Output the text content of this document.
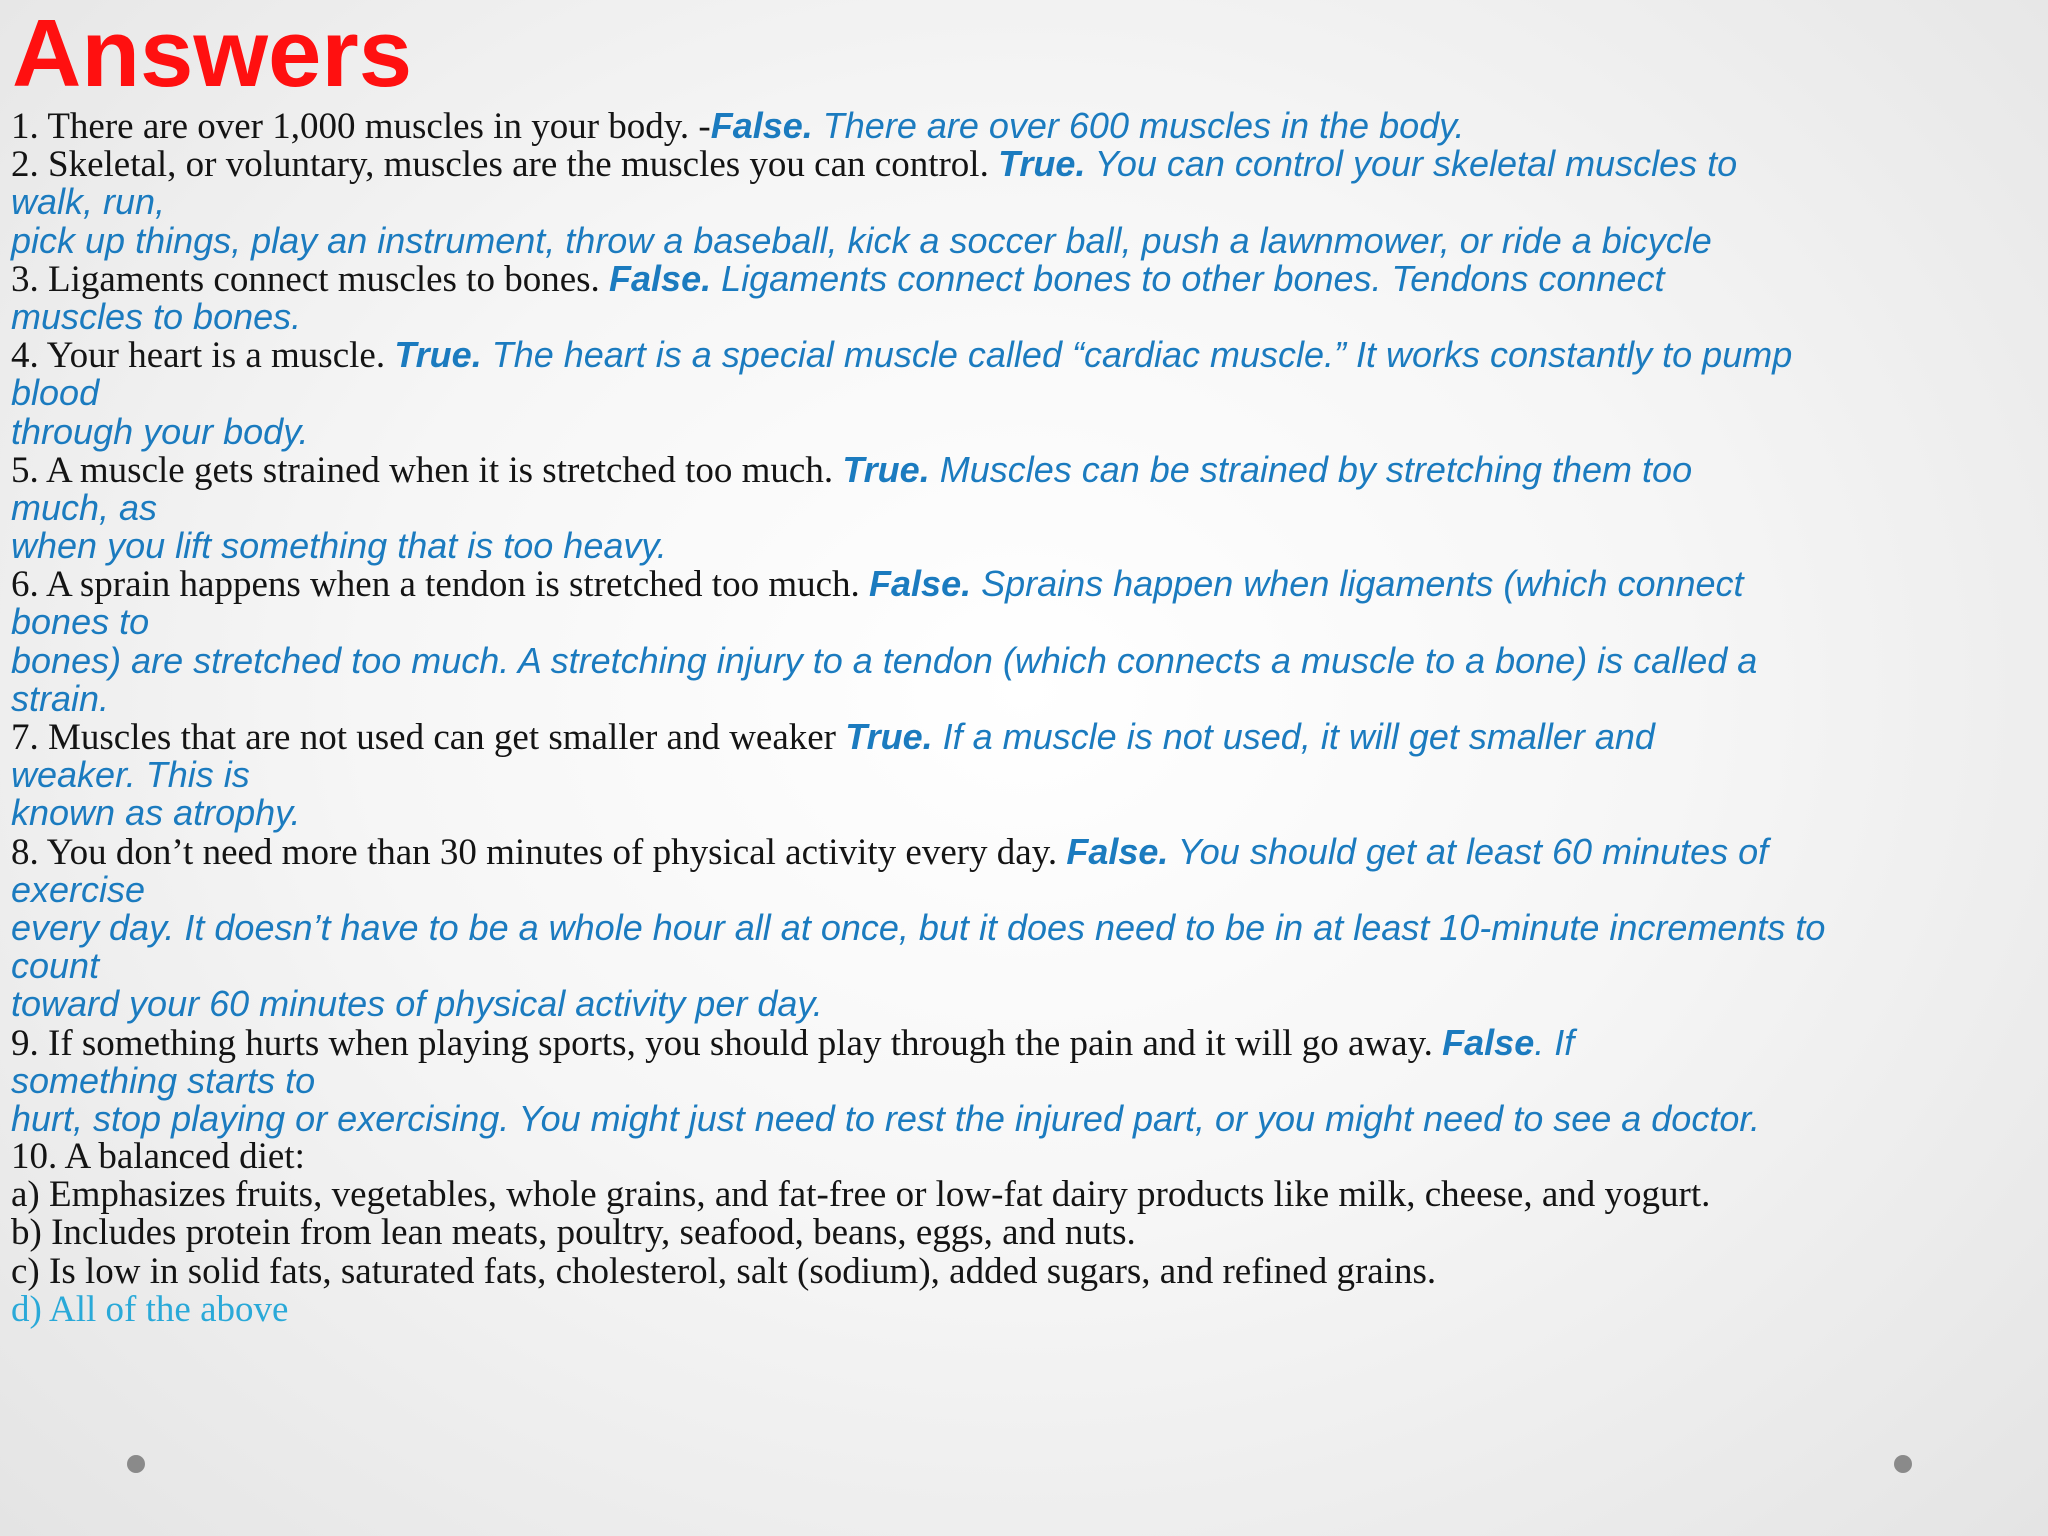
Answers
1. There are over 1,000 muscles in your body. -False. There are over 600 muscles in the body.
2. Skeletal, or voluntary, muscles are the muscles you can control. True. You can control your skeletal muscles to
walk, run,
pick up things, play an instrument, throw a baseball, kick a soccer ball, push a lawnmower, or ride a bicycle
3. Ligaments connect muscles to bones. False. Ligaments connect bones to other bones. Tendons connect
muscles to bones.
4. Your heart is a muscle. True. The heart is a special muscle called “cardiac muscle.” It works constantly to pump
blood
through your body.
5. A muscle gets strained when it is stretched too much. True. Muscles can be strained by stretching them too
much, as
when you lift something that is too heavy.
6. A sprain happens when a tendon is stretched too much. False. Sprains happen when ligaments (which connect
bones to
bones) are stretched too much. A stretching injury to a tendon (which connects a muscle to a bone) is called a
strain.
7. Muscles that are not used can get smaller and weaker True. If a muscle is not used, it will get smaller and
weaker. This is
known as atrophy.
8. You don’t need more than 30 minutes of physical activity every day. False. You should get at least 60 minutes of
exercise
every day. It doesn’t have to be a whole hour all at once, but it does need to be in at least 10-minute increments to
count
toward your 60 minutes of physical activity per day.
9. If something hurts when playing sports, you should play through the pain and it will go away. False. If
something starts to
hurt, stop playing or exercising. You might just need to rest the injured part, or you might need to see a doctor.
10. A balanced diet:
a) Emphasizes fruits, vegetables, whole grains, and fat-free or low-fat dairy products like milk, cheese, and yogurt.
b) Includes protein from lean meats, poultry, seafood, beans, eggs, and nuts.
c) Is low in solid fats, saturated fats, cholesterol, salt (sodium), added sugars, and refined grains.
d) All of the above
